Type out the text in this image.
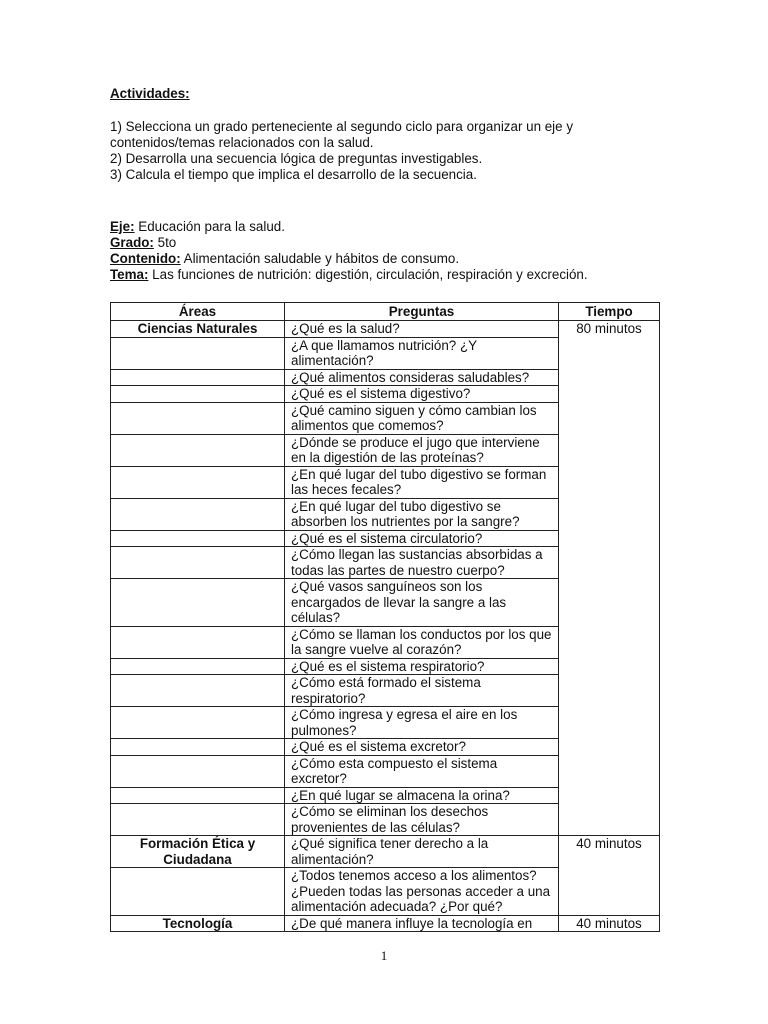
Actividades:
1) Selecciona un grado perteneciente al segundo ciclo para organizar un eje y contenidos/temas relacionados con la salud.
2) Desarrolla una secuencia lógica de preguntas investigables.
3) Calcula el tiempo que implica el desarrollo de la secuencia.
Eje: Educación para la salud.
Grado: 5to
Contenido: Alimentación saludable y hábitos de consumo.
Tema: Las funciones de nutrición: digestión, circulación, respiración y excreción.
Áreas	Preguntas	Tiempo
Ciencias Naturales	¿Qué es la salud?	80 minutos
	¿A que llamamos nutrición? ¿Y alimentación?	
	¿Qué alimentos consideras saludables?	
	¿Qué es el sistema digestivo?	
	¿Qué camino siguen y cómo cambian los alimentos que comemos?	
	¿Dónde se produce el jugo que interviene en la digestión de las proteínas?	
	¿En qué lugar del tubo digestivo se forman las heces fecales?	
	¿En qué lugar del tubo digestivo se absorben los nutrientes por la sangre?	
	¿Qué es el sistema circulatorio?	
	¿Cómo llegan las sustancias absorbidas a todas las partes de nuestro cuerpo?	
	¿Qué vasos sanguíneos son los encargados de llevar la sangre a las células?	
	¿Cómo se llaman los conductos por los que la sangre vuelve al corazón?	
	¿Qué es el sistema respiratorio?	
	¿Cómo está formado el sistema respiratorio?	
	¿Cómo ingresa y egresa el aire en los pulmones?	
	¿Qué es el sistema excretor?	
	¿Cómo esta compuesto el sistema excretor?	
	¿En qué lugar se almacena la orina?	
	¿Cómo se eliminan los desechos provenientes de las células?	
Formación Ética y Ciudadana	¿Qué significa tener derecho a la alimentación?	40 minutos
	¿Todos tenemos acceso a los alimentos? ¿Pueden todas las personas acceder a una alimentación adecuada? ¿Por qué?	
Tecnología	¿De qué manera influye la tecnología en	40 minutos
1
